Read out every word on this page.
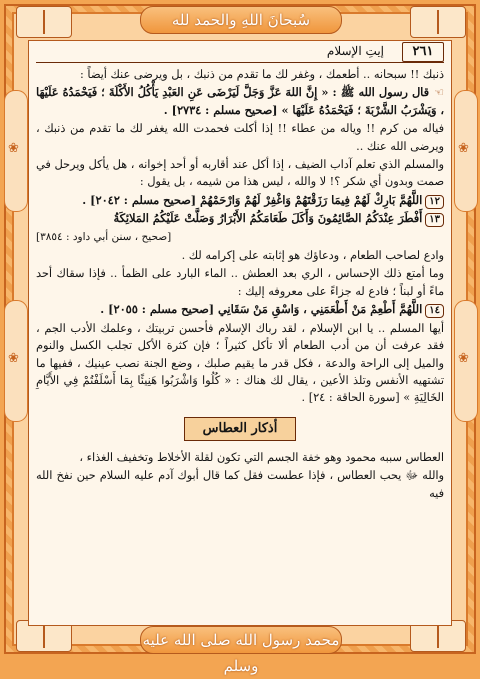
سُبحانَ اللهِ والحمد لله
محمد رسول الله صلى الله عليه وسلم
❀
❀
❀
❀
٢٦١
إيتِ الإسلام

ذنبك !! سبحانه .. أطعمك ، وغفر لك ما تقدم من ذنبك ، بل ويرضى عنك أيضاً :

☜قال رسول الله ﷺ : « إِنَّ اللهَ عَزَّ وَجَلَّ لَيَرْضَى عَنِ العَبْدِ يَأْكُلُ الأَكْلَةَ ؛ فَيَحْمَدُهُ عَلَيْهَا ، وَيَشْرَبُ الشَّرْبَةَ ؛ فَيَحْمَدُهُ عَلَيْهَا » [صحيح مسلم : ٢٧٣٤] .

فياله من كرم !! وياله من عطاء !! إذا أكلت فحمدت الله يغفر لك ما تقدم من ذنبك ، ويرضى الله عنك ..

والمسلم الذي تعلم آداب الضيف ، إذا أكل عند أقاربه أو أحد إخوانه ، هل يأكل ويرحل في صمت وبدون أي شكر ؟! لا والله ، ليس هذا من شيمه ، بل يقول :

١٢اللَّهُمَّ بَارِكْ لَهُمْ فِيمَا رَزَقْتَهُمْ وَاغْفِرْ لَهُمْ وَارْحَمْهُمْ [صحيح مسلم : ٢٠٤٢] .

١٣أَفْطَرَ عِنْدَكُمُ الصَّائِمُونَ وَأَكَلَ طَعَامَكُمُ الأَبْرَارُ وَصَلَّتْ عَلَيْكُمُ المَلائِكَةُ

[صحيح ، سنن أبي داود : ٣٨٥٤]

وادع لصاحب الطعام ، ودعاؤك هو إثابته على إكرامه لك .

وما أمتع ذلك الإحساس ، الري بعد العطش .. الماء البارد على الظمأ .. فإذا سقاك أحد ماءً أو لبناً ؛ فادع له جزاءً على معروفه إليك :

١٤اللَّهُمَّ أَطْعِمْ مَنْ أَطْعَمَنِي ، وَاسْقِ مَنْ سَقَانِي [صحيح مسلم : ٢٠٥٥] .

أيها المسلم .. يا ابن الإسلام ، لقد رباك الإسلام فأحسن تربيتك ، وعلمك الأدب الجم ، فقد عرفت أن من أدب الطعام ألا تأكل كثيراً ؛ فإن كثرة الأكل تجلب الكسل والنوم والميل إلى الراحة والدعة ، فكل قدر ما يقيم صلبك ، وضع الجنة نصب عينيك ، ففيها ما تشتهيه الأنفس وتلذ الأعين ، يقال لك هناك : « كُلُوا وَاشْرَبُوا هَنِيئًا بِمَا أَسْلَفْتُمْ فِي الأَيَّامِ الخَالِيَةِ » [سورة الحاقة : ٢٤] .

أذكار العطاس

العطاس سببه محمود وهو خفة الجسم التي تكون لقلة الأخلاط وتخفيف الغذاء ،

والله ﷻ يحب العطاس ، فإذا عطست فقل كما قال أبوك آدم عليه السلام حين نفخ الله فيه
